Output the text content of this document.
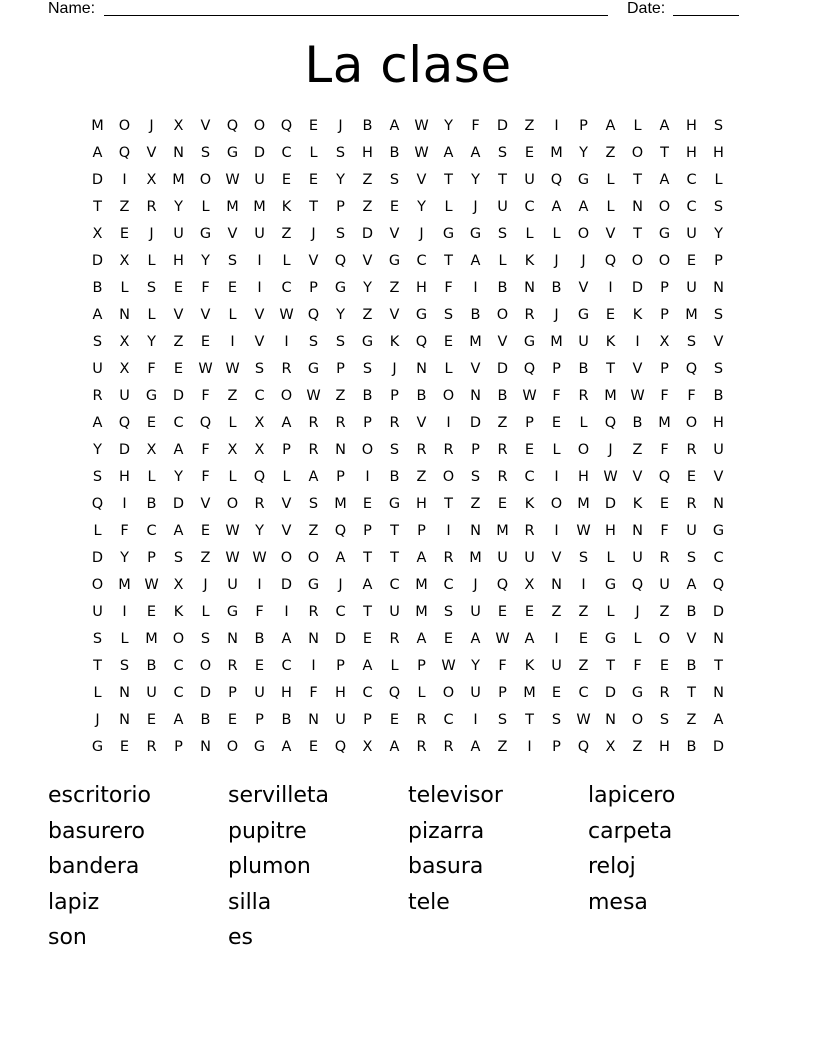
Name:	Date:
La clase
M	O	J	X	V	Q	O	Q	E	J	B	A	W	Y	F	D	Z	I	P	A	L	A	H	S
A	Q	V	N	S	G	D	C	L	S	H	B	W	A	A	S	E	M	Y	Z	O	T	H	H
D	I	X	M	O W	U	E	E	Y	Z	S	V	T	Y	T	U	Q	G	L	T	A	C	L
T	Z	R	Y	L	M M	K	T	P	Z	E	Y	L	J	U	C	A	A	L	N	O	C	S
X	E	J	U	G	V	U	Z	J	S	D	V	J	G	G	S	L	L	O	V	T	G	U	Y
D	X	L	H	Y	S	I	L	V	Q	V	G	C	T	A	L	K	J	J	Q	O	O	E	P
B	L	S	E	F	E	I	C	P	G	Y	Z	H	F	I	B	N	B	V	I	D	P	U	N
A	N	L	V	V	L	V	W Q	Y	Z	V	G	S	B	O	R	J	G	E	K	P	M	S
S	X	Y	Z	E	I	V	I	S	S	G	K	Q	E	M	V	G	M	U	K	I	X	S	V
U	X	F	E	W W	S	R	G	P	S	J	N	L	V	D	Q	P	B	T	V	P	Q	S
R	U	G	D	F	Z	C	O W	Z	B	P	B	O	N	B	W	F	R	M W	F	F	B
A	Q	E	C	Q	L	X	A	R	R	P	R	V	I	D	Z	P	E	L	Q	B	M	O	H
Y	D	X	A	F	X	X	P	R	N	O	S	R	R	P	R	E	L	O	J	Z	F	R	U
S	H	L	Y	F	L	Q	L	A	P	I	B	Z	O	S	R	C	I	H W	V	Q	E	V
Q	I	B	D	V	O	R	V	S	M	E	G	H	T	Z	E	K	O	M	D	K	E	R	N
L	F	C	A	E	W	Y	V	Z	Q	P	T	P	I	N	M	R	I	W H	N	F	U	G
D	Y	P	S	Z	W W O	O	A	T	T	A	R	M	U	U	V	S	L	U	R	S	C
O	M W	X	J	U	I	D	G	J	A	C	M	C	J	Q	X	N	I	G	Q	U	A	Q
U	I	E	K	L	G	F	I	R	C	T	U	M	S	U	E	E	Z	Z	L	J	Z	B	D
S	L	M	O	S	N	B	A	N	D	E	R	A	E	A	W	A	I	E	G	L	O	V	N
T	S	B	C	O	R	E	C	I	P	A	L	P	W	Y	F	K	U	Z	T	F	E	B	T
L	N	U	C	D	P	U	H	F	H	C	Q	L	O	U	P	M	E	C	D	G	R	T	N
J	N	E	A	B	E	P	B	N	U	P	E	R	C	I	S	T	S	W N	O	S	Z	A
G	E	R	P	N	O	G	A	E	Q	X	A	R	R	A	Z	I	P	Q	X	Z	H	B	D
escritorio	servilleta	televisor	lapicero
basurero	pupitre	pizarra	carpeta
bandera	plumon	basura	reloj
lapiz	silla	tele	mesa
son	es
